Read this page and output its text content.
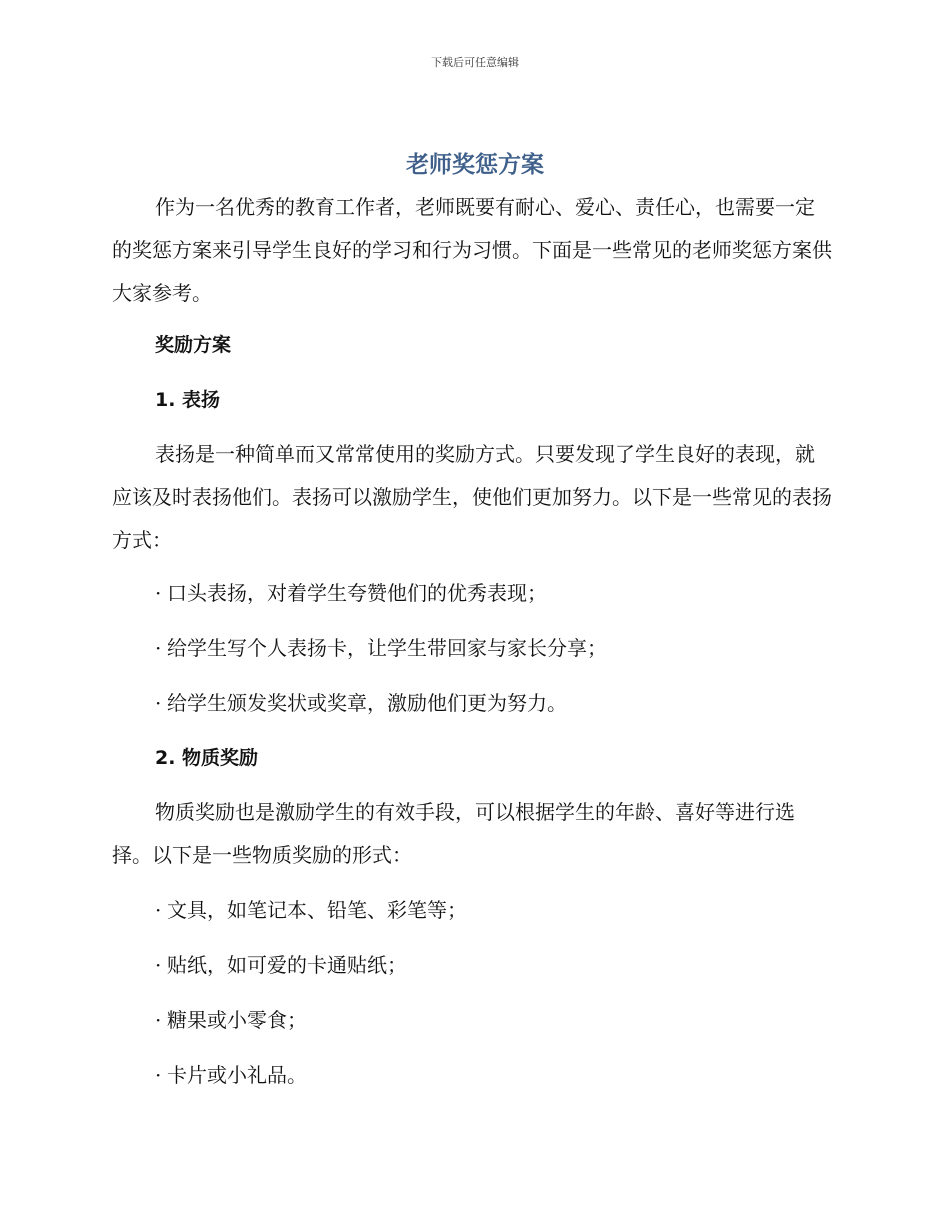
下载后可任意编辑
老师奖惩方案

作为一名优秀的教育工作者，老师既要有耐心、爱心、责任心，也需要一定的奖惩方案来引导学生良好的学习和行为习惯。下面是一些常见的老师奖惩方案供大家参考。

奖励方案

1. 表扬

表扬是一种简单而又常常使用的奖励方式。只要发现了学生良好的表现，就应该及时表扬他们。表扬可以激励学生，使他们更加努力。以下是一些常见的表扬方式：

· 口头表扬，对着学生夸赞他们的优秀表现；

· 给学生写个人表扬卡，让学生带回家与家长分享；

· 给学生颁发奖状或奖章，激励他们更为努力。

2. 物质奖励

物质奖励也是激励学生的有效手段，可以根据学生的年龄、喜好等进行选择。以下是一些物质奖励的形式：

· 文具，如笔记本、铅笔、彩笔等；

· 贴纸，如可爱的卡通贴纸；

· 糖果或小零食；

· 卡片或小礼品。
